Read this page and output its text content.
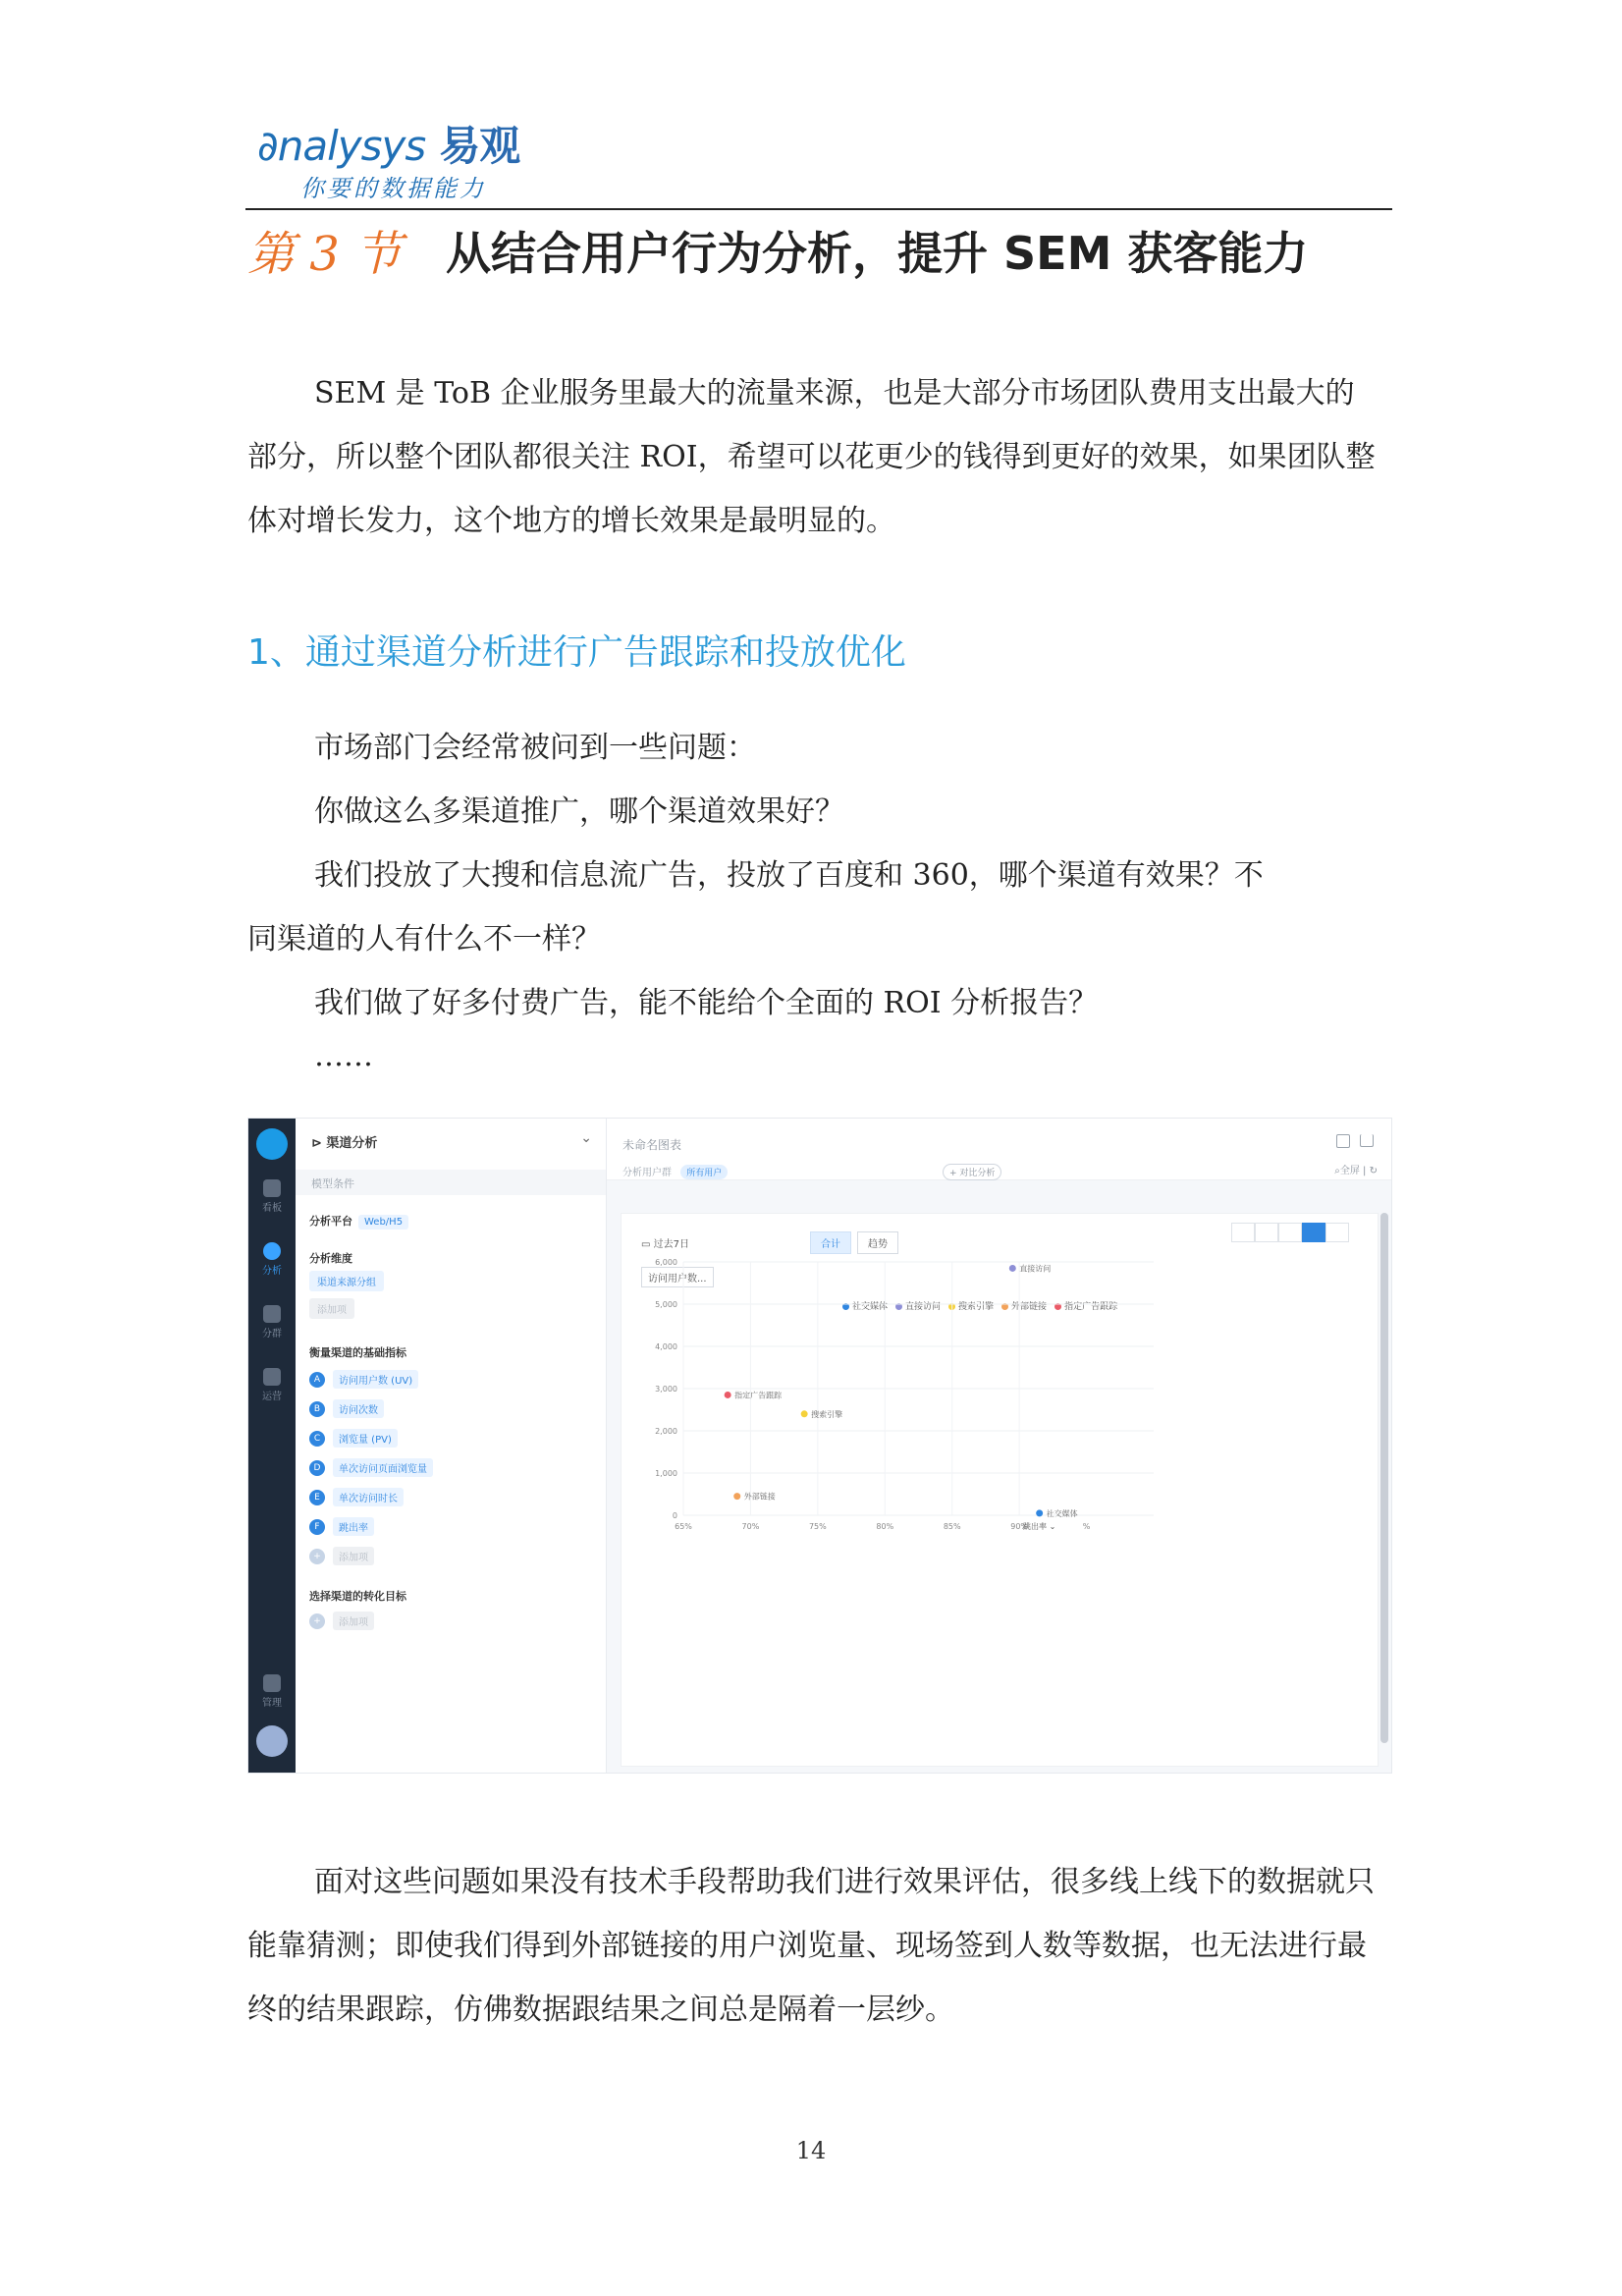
∂nalysys 易观
你要的数据能力
第 3 节 从结合用户行为分析，提升 SEM 获客能力
SEM 是 ToB 企业服务里最大的流量来源，也是大部分市场团队费用支出最大的部分，所以整个团队都很关注 ROI，希望可以花更少的钱得到更好的效果，如果团队整体对增长发力，这个地方的增长效果是最明显的。
1、通过渠道分析进行广告跟踪和投放优化
市场部门会经常被问到一些问题：
你做这么多渠道推广，哪个渠道效果好？
我们投放了大搜和信息流广告，投放了百度和 360，哪个渠道有效果？不
同渠道的人有什么不一样？
我们做了好多付费广告，能不能给个全面的 ROI 分析报告？
……
看板
分析
分群
运营
管理
⊳ 渠道分析	⌄
模型条件
分析平台 Web/H5
分析维度
渠道来源分组
添加项
衡量渠道的基础指标
A 访问用户数 (UV)
B 访问次数
C 浏览量 (PV)
D 单次访问页面浏览量
E 单次访问时长
F 跳出率
+ 添加项
选择渠道的转化目标
+ 添加项
未命名图表
分析用户群 所有用户	+ 对比分析	⌕全屏 | ↻
▭ 过去7日	合计	趋势
访问用户数...
社交媒体 直接访问 搜索引擎 外部链接 指定广告跟踪
0
1,000
2,000
3,000
4,000
5,000
6,000
65%	70%	75%	80%	85%	90%	%
跳出率 ⌄
社交媒体
直接访问
搜索引擎
外部链接
指定广告跟踪
面对这些问题如果没有技术手段帮助我们进行效果评估，很多线上线下的数据就只能靠猜测；即使我们得到外部链接的用户浏览量、现场签到人数等数据，也无法进行最终的结果跟踪，仿佛数据跟结果之间总是隔着一层纱。
14
